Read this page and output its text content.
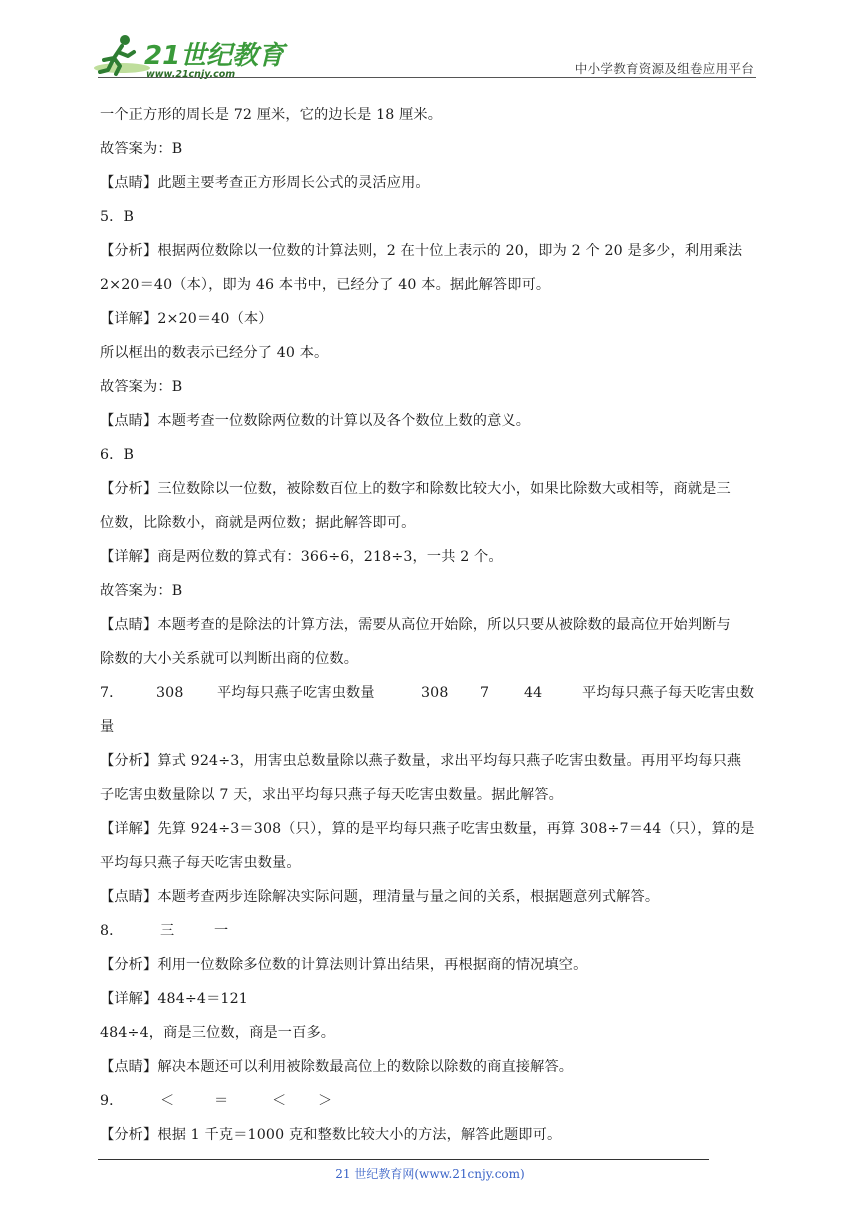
21世纪教育
www.21cnjy.com	中小学教育资源及组卷应用平台
一个正方形的周长是 72 厘米，它的边长是 18 厘米。
故答案为：B
【点睛】此题主要考查正方形周长公式的灵活应用。
5．B
【分析】根据两位数除以一位数的计算法则，2 在十位上表示的 20，即为 2 个 20 是多少，利用乘法
2×20＝40（本），即为 46 本书中，已经分了 40 本。据此解答即可。
【详解】2×20＝40（本）
所以框出的数表示已经分了 40 本。
故答案为：B
【点睛】本题考查一位数除两位数的计算以及各个数位上数的意义。
6．B
【分析】三位数除以一位数，被除数百位上的数字和除数比较大小，如果比除数大或相等，商就是三
位数，比除数小，商就是两位数；据此解答即可。
【详解】商是两位数的算式有：366÷6，218÷3，一共 2 个。
故答案为：B
【点睛】本题考查的是除法的计算方法，需要从高位开始除，所以只要从被除数的最高位开始判断与
除数的大小关系就可以判断出商的位数。
7． 308 平均每只燕子吃害虫数量	308 7 44	平均每只燕子每天吃害虫数
量
【分析】算式 924÷3，用害虫总数量除以燕子数量，求出平均每只燕子吃害虫数量。再用平均每只燕
子吃害虫数量除以 7 天，求出平均每只燕子每天吃害虫数量。据此解答。
【详解】先算 924÷3＝308（只），算的是平均每只燕子吃害虫数量，再算 308÷7＝44（只），算的是
平均每只燕子每天吃害虫数量。
【点睛】本题考查两步连除解决实际问题，理清量与量之间的关系，根据题意列式解答。
8．	三	一
【分析】利用一位数除多位数的计算法则计算出结果，再根据商的情况填空。
【详解】484÷4＝121
484÷4，商是三位数，商是一百多。
【点睛】解决本题还可以利用被除数最高位上的数除以除数的商直接解答。
9．	＜	＝	＜ ＞
【分析】根据 1 千克＝1000 克和整数比较大小的方法，解答此题即可。
21 世纪教育网(www.21cnjy.com)
